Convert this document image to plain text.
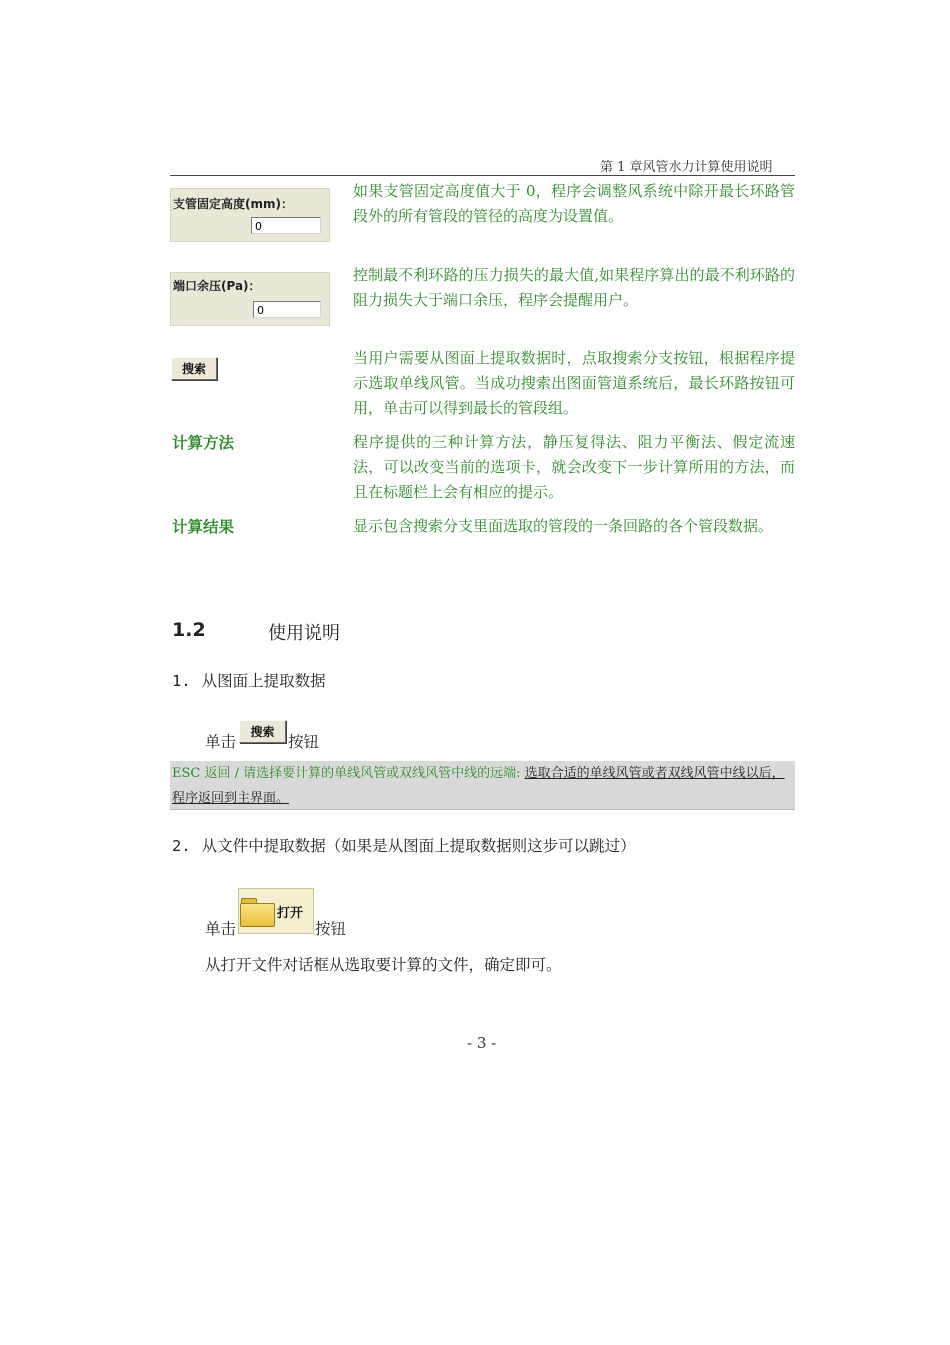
第 1 章风管水力计算使用说明
支管固定高度(mm)：
0
如果支管固定高度值大于 0，程序会调整风系统中除开最长环路管段外的所有管段的管径的高度为设置值。
端口余压(Pa)：
0
控制最不利环路的压力损失的最大值,如果程序算出的最不利环路的阻力损失大于端口余压，程序会提醒用户。
搜索
当用户需要从图面上提取数据时，点取搜索分支按钮，根据程序提示选取单线风管。当成功搜索出图面管道系统后，最长环路按钮可用，单击可以得到最长的管段组。
计算方法	程序提供的三种计算方法，静压复得法、阻力平衡法、假定流速法，可以改变当前的选项卡，就会改变下一步计算所用的方法，而且在标题栏上会有相应的提示。
计算结果	显示包含搜索分支里面选取的管段的一条回路的各个管段数据。
1.2	使用说明
1. 从图面上提取数据
单击
搜索
按钮
ESC 返回 / 请选择要计算的单线风管或双线风管中线的远端: 选取合适的单线风管或者双线风管中线以后，程序返回到主界面。
2. 从文件中提取数据（如果是从图面上提取数据则这步可以跳过）
单击
打开
按钮
从打开文件对话框从选取要计算的文件，确定即可。
- 3 -
